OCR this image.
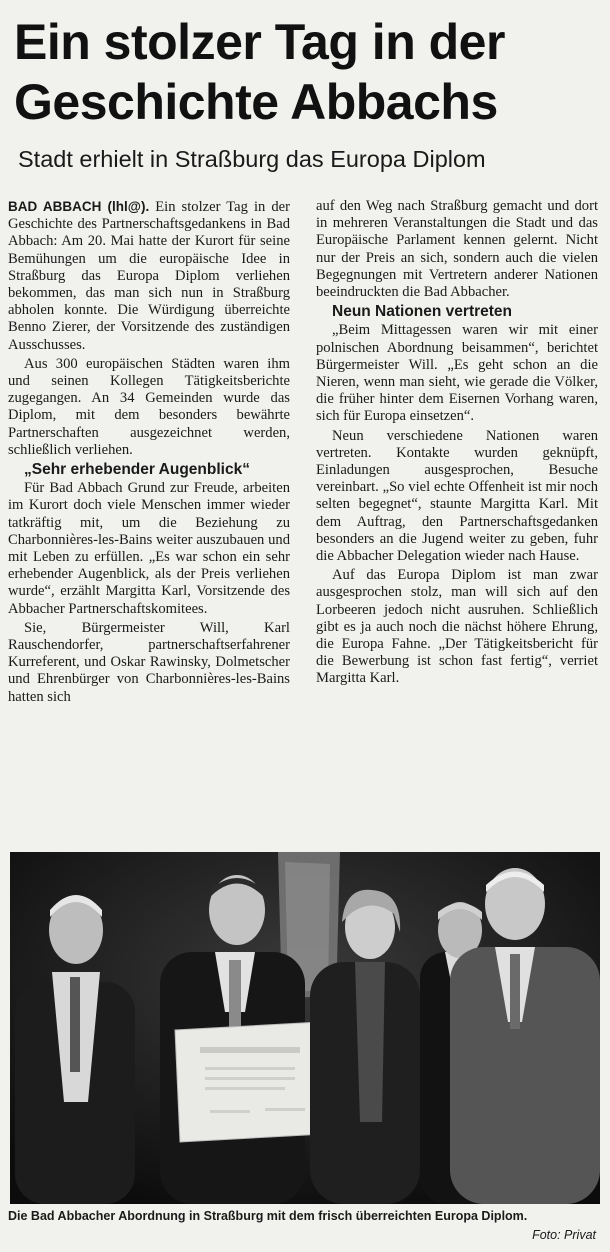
Ein stolzer Tag in der
Geschichte Abbachs
Stadt erhielt in Straßburg das Europa Diplom

BAD ABBACH (lhl@). Ein stolzer Tag in der Geschichte des Partnerschaftsgedankens in Bad Abbach: Am 20. Mai hatte der Kurort für seine Bemühungen um die europäische Idee in Straßburg das Europa Diplom verliehen bekommen, das man sich nun in Straßburg abholen konnte. Die Würdigung überreichte Benno Zierer, der Vorsitzende des zuständigen Ausschusses.

Aus 300 europäischen Städten waren ihm und seinen Kollegen Tätigkeitsberichte zugegangen. An 34 Gemeinden wurde das Diplom, mit dem besonders bewährte Partnerschaften ausgezeichnet werden, schließlich verliehen.

„Sehr erhebender Augenblick“

Für Bad Abbach Grund zur Freude, arbeiten im Kurort doch viele Menschen immer wieder tatkräftig mit, um die Beziehung zu Charbonnières-les-Bains weiter auszubauen und mit Leben zu erfüllen. „Es war schon ein sehr erhebender Augenblick, als der Preis verliehen wurde“, erzählt Margitta Karl, Vorsitzende des Abbacher Partnerschaftskomitees.

Sie, Bürgermeister Will, Karl Rauschendorfer, partnerschaftserfahrener Kurreferent, und Oskar Rawinsky, Dolmetscher und Ehrenbürger von Charbonnières-les-Bains hatten sich

auf den Weg nach Straßburg gemacht und dort in mehreren Veranstaltungen die Stadt und das Europäische Parlament kennen gelernt. Nicht nur der Preis an sich, sondern auch die vielen Begegnungen mit Vertretern anderer Nationen beeindruckten die Bad Abbacher.

Neun Nationen vertreten

„Beim Mittagessen waren wir mit einer polnischen Abordnung beisammen“, berichtet Bürgermeister Will. „Es geht schon an die Nieren, wenn man sieht, wie gerade die Völker, die früher hinter dem Eisernen Vorhang waren, sich für Europa einsetzen“.

Neun verschiedene Nationen waren vertreten. Kontakte wurden geknüpft, Einladungen ausgesprochen, Besuche vereinbart. „So viel echte Offenheit ist mir noch selten begegnet“, staunte Margitta Karl. Mit dem Auftrag, den Partnerschaftsgedanken besonders an die Jugend weiter zu geben, fuhr die Abbacher Delegation wieder nach Hause.

Auf das Europa Diplom ist man zwar ausgesprochen stolz, man will sich auf den Lorbeeren jedoch nicht ausruhen. Schließlich gibt es ja auch noch die nächst höhere Ehrung, die Europa Fahne. „Der Tätigkeitsbericht für die Bewerbung ist schon fast fertig“, verriet Margitta Karl.

Die Bad Abbacher Abordnung in Straßburg mit dem frisch überreichten Europa Diplom.
Foto: Privat
